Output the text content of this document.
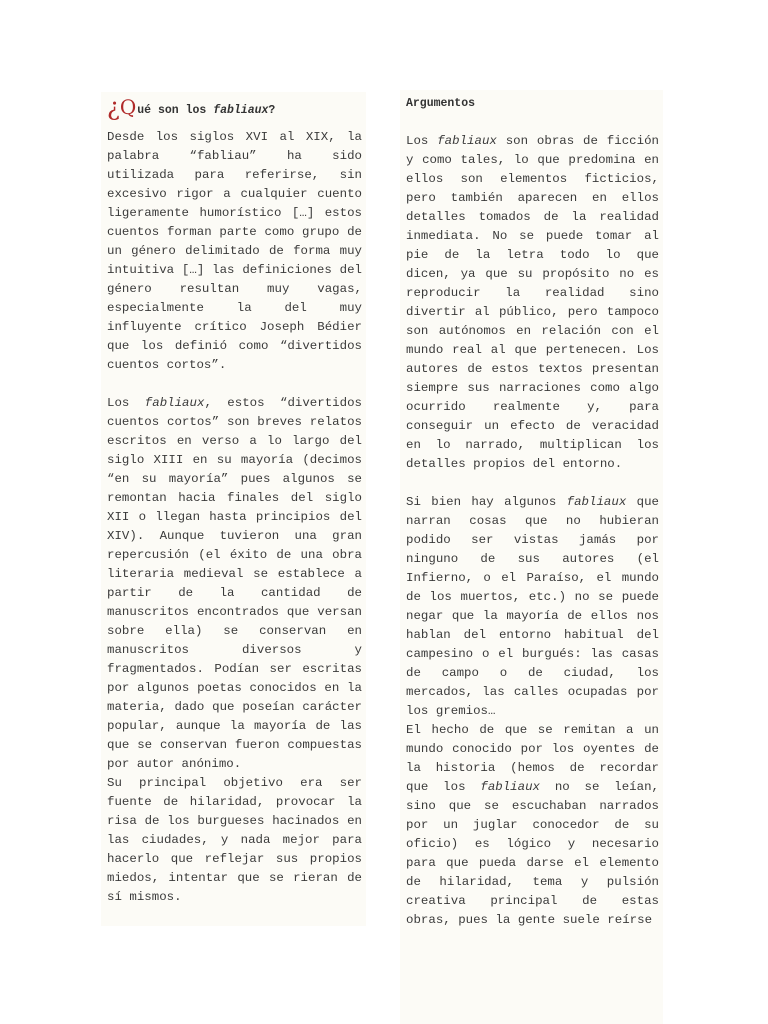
¿Qué son los fabliaux?

Desde los siglos XVI al XIX, la palabra “fabliau” ha sido utilizada para referirse, sin excesivo rigor a cualquier cuento ligeramente humorístico […] estos cuentos forman parte como grupo de un género delimitado de forma muy intuitiva […] las definiciones del género resultan muy vagas, especialmente la del muy influyente crítico Joseph Bédier que los definió como “divertidos cuentos cortos”.

Los fabliaux, estos “divertidos cuentos cortos” son breves relatos escritos en verso a lo largo del siglo XIII en su mayoría (decimos “en su mayoría” pues algunos se remontan hacia finales del siglo XII o llegan hasta principios del XIV). Aunque tuvieron una gran repercusión (el éxito de una obra literaria medieval se establece a partir de la cantidad de manuscritos encontrados que versan sobre ella) se conservan en manuscritos diversos y fragmentados. Podían ser escritas por algunos poetas conocidos en la materia, dado que poseían carácter popular, aunque la mayoría de las que se conservan fueron compuestas por autor anónimo.

Su principal objetivo era ser fuente de hilaridad, provocar la risa de los burgueses hacinados en las ciudades, y nada mejor para hacerlo que reflejar sus propios miedos, intentar que se rieran de sí mismos.

Argumentos

Los fabliaux son obras de ficción y como tales, lo que predomina en ellos son elementos ficticios, pero también aparecen en ellos detalles tomados de la realidad inmediata. No se puede tomar al pie de la letra todo lo que dicen, ya que su propósito no es reproducir la realidad sino divertir al público, pero tampoco son autónomos en relación con el mundo real al que pertenecen. Los autores de estos textos presentan siempre sus narraciones como algo ocurrido realmente y, para conseguir un efecto de veracidad en lo narrado, multiplican los detalles propios del entorno.

Si bien hay algunos fabliaux que narran cosas que no hubieran podido ser vistas jamás por ninguno de sus autores (el Infierno, o el Paraíso, el mundo de los muertos, etc.) no se puede negar que la mayoría de ellos nos hablan del entorno habitual del campesino o el burgués: las casas de campo o de ciudad, los mercados, las calles ocupadas por los gremios…

El hecho de que se remitan a un mundo conocido por los oyentes de la historia (hemos de recordar que los fabliaux no se leían, sino que se escuchaban narrados por un juglar conocedor de su oficio) es lógico y necesario para que pueda darse el elemento de hilaridad, tema y pulsión creativa principal de estas obras, pues la gente suele reírse
